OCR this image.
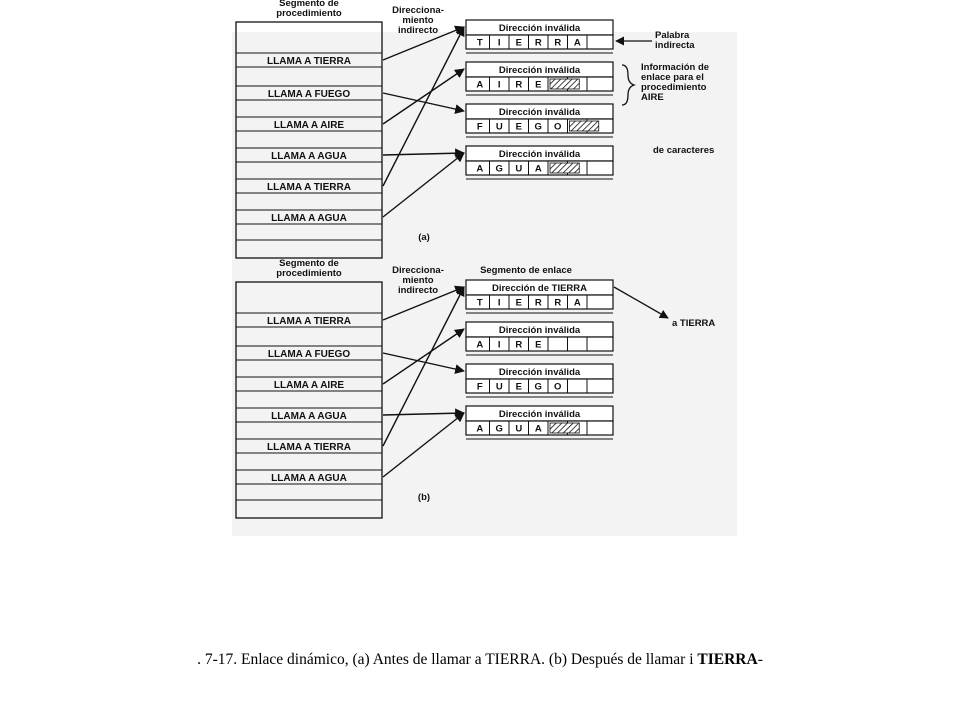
Segmento de
procedimiento
LLAMA A TIERRA
LLAMA A FUEGO
LLAMA A AIRE
LLAMA A AGUA
LLAMA A TIERRA
LLAMA A AGUA
Direcciona-
miento
indirecto	Dirección inválida
T I E R R A
Dirección inválida
A I R E
Dirección inválida
F U E G O
Dirección inválida
A G U A
Palabra
indirecta
Información de
enlace para el
procedimiento
AIRE
de caracteres
(a)
Segmento de
procedimiento
LLAMA A TIERRA
LLAMA A FUEGO
LLAMA A AIRE
LLAMA A AGUA
LLAMA A TIERRA
LLAMA A AGUA
Direcciona-
miento
indirecto
Segmento de enlace
Dirección de TIERRA
T I E R R A
Dirección inválida
A I R E
Dirección inválida
F U E G O
Dirección inválida
A G U A
a TIERRA
(b)
. 7-17. Enlace dinámico, (a) Antes de llamar a TIERRA. (b) Después de llamar i TIERRA-
